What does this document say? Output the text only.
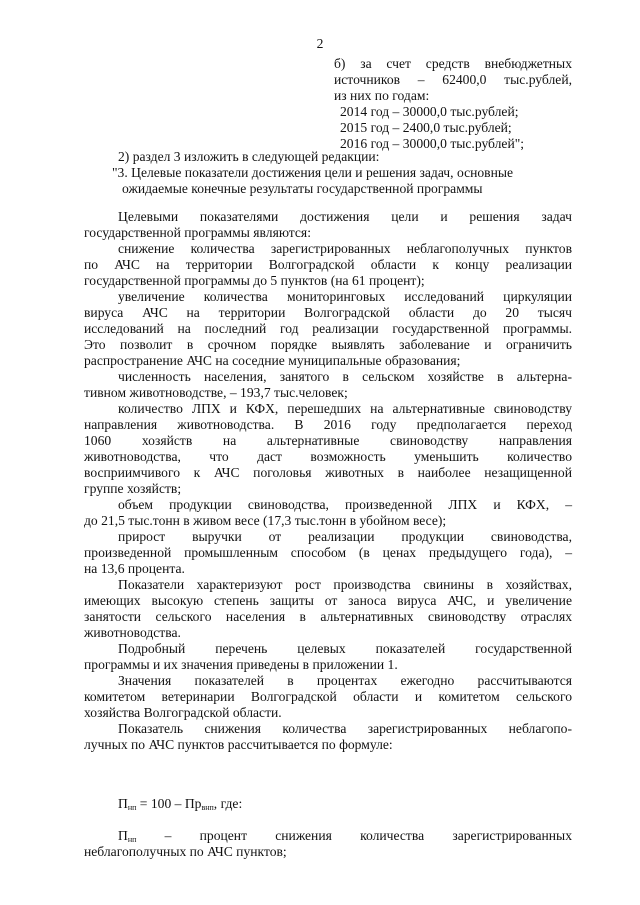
2
б) за счет средств внебюджетных
источников – 62400,0 тыс.рублей,
из них по годам:
2014 год – 30000,0 тыс.рублей;
2015 год – 2400,0 тыс.рублей;
2016 год – 30000,0 тыс.рублей";
2) раздел 3 изложить в следующей редакции:
"3. Целевые показатели достижения цели и решения задач, основные
ожидаемые конечные результаты государственной программы
Целевыми показателями достижения цели и решения задач
государственной программы являются:
снижение количества зарегистрированных неблагополучных пунктов
по АЧС на территории Волгоградской области к концу реализации
государственной программы до 5 пунктов (на 61 процент);
увеличение количества мониторинговых исследований циркуляции
вируса АЧС на территории Волгоградской области до 20 тысяч
исследований на последний год реализации государственной программы.
Это позволит в срочном порядке выявлять заболевание и ограничить
распространение АЧС на соседние муниципальные образования;
численность населения, занятого в сельском хозяйстве в альтерна-
тивном животноводстве, – 193,7 тыс.человек;
количество ЛПХ и КФХ, перешедших на альтернативные свиноводству
направления животноводства. В 2016 году предполагается переход
1060 хозяйств на альтернативные свиноводству направления
животноводства, что даст возможность уменьшить количество
восприимчивого к АЧС поголовья животных в наиболее незащищенной
группе хозяйств;
объем продукции свиноводства, произведенной ЛПХ и КФХ, –
до 21,5 тыс.тонн в живом весе (17,3 тыс.тонн в убойном весе);
прирост выручки от реализации продукции свиноводства,
произведенной промышленным способом (в ценах предыдущего года), –
на 13,6 процента.
Показатели характеризуют рост производства свинины в хозяйствах,
имеющих высокую степень защиты от заноса вируса АЧС, и увеличение
занятости сельского населения в альтернативных свиноводству отраслях
животноводства.
Подробный перечень целевых показателей государственной
программы и их значения приведены в приложении 1.
Значения показателей в процентах ежегодно рассчитываются
комитетом ветеринарии Волгоградской области и комитетом сельского
хозяйства Волгоградской области.
Показатель снижения количества зарегистрированных неблагопо-
лучных по АЧС пунктов рассчитывается по формуле:
$П_{нп} = 100 - Пр_{внп}$, где:
$П_{нп}$ – процент снижения количества зарегистрированных
неблагополучных по АЧС пунктов;
